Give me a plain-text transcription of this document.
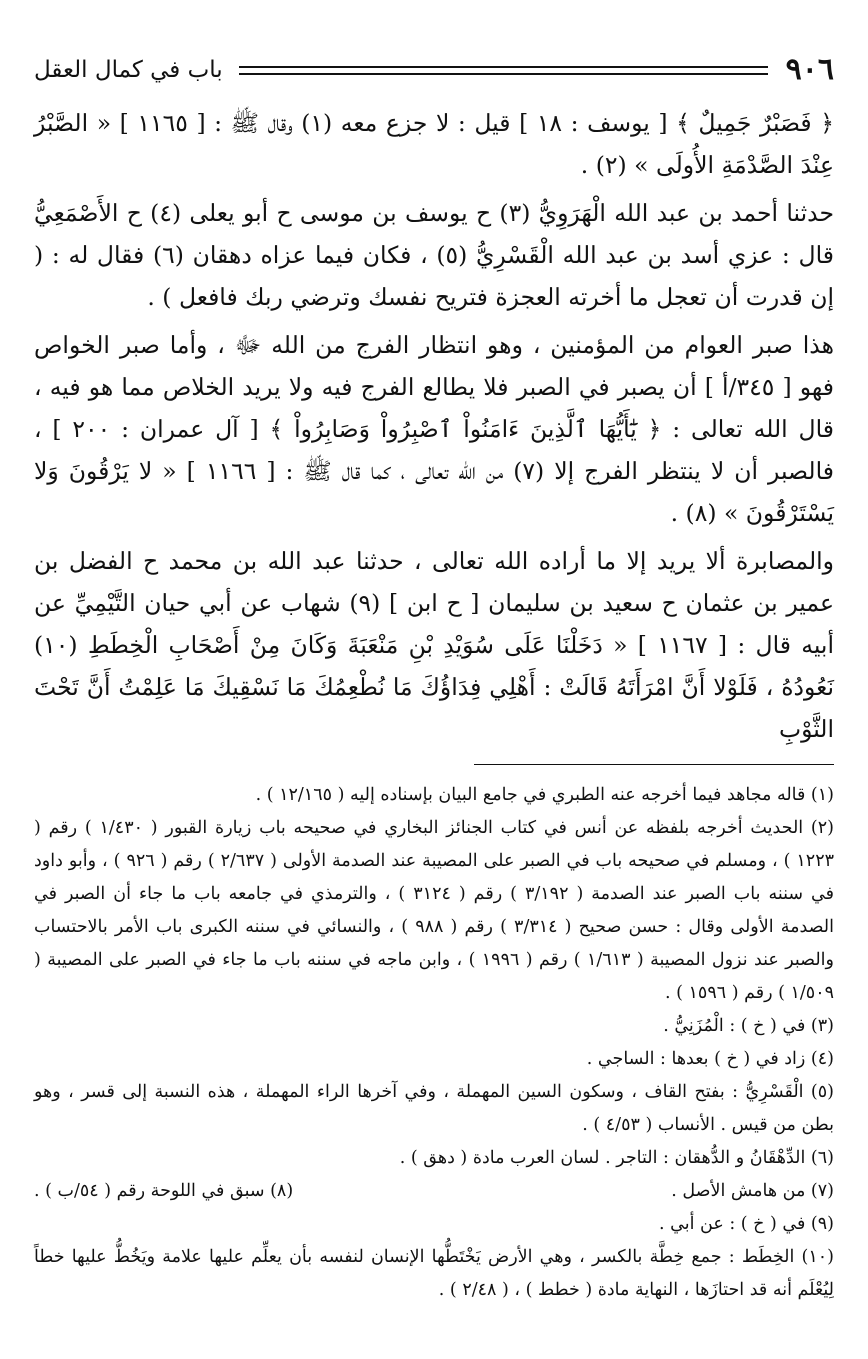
٩٠٦
باب في كمال العقل

﴿ فَصَبْرٌ جَمِيلٌ ﴾ [ يوسف : ١٨ ] قيل : لا جزع معه (١) وقال ﷺ : [ ١١٦٥ ] « الصَّبْرُ عِنْدَ الصَّدْمَةِ الأُولَى » (٢) .

حدثنا أحمد بن عبد الله الْهَرَوِيُّ (٣) ح يوسف بن موسى ح أبو يعلى (٤) ح الأَصْمَعِيُّ قال : عزي أسد بن عبد الله الْقَسْرِيُّ (٥) ، فكان فيما عزاه دهقان (٦) فقال له : ( إن قدرت أن تعجل ما أخرته العجزة فتريح نفسك وترضي ربك فافعل ) .

هذا صبر العوام من المؤمنين ، وهو انتظار الفرج من الله ﷻ ، وأما صبر الخواص فهو [ ٣٤٥/أ ] أن يصبر في الصبر فلا يطالع الفرج فيه ولا يريد الخلاص مما هو فيه ، قال الله تعالى : ﴿ يَٰٓأَيُّهَا ٱلَّذِينَ ءَامَنُواْ ٱصْبِرُواْ وَصَابِرُواْ ﴾ [ آل عمران : ٢٠٠ ] ، فالصبر أن لا ينتظر الفرج إلا (٧) من الله تعالى ، كما قال ﷺ : [ ١١٦٦ ] « لا يَرْقُونَ وَلا يَسْتَرْقُونَ » (٨) .

والمصابرة ألا يريد إلا ما أراده الله تعالى ، حدثنا عبد الله بن محمد ح الفضل بن عمير بن عثمان ح سعيد بن سليمان [ ح ابن ] (٩) شهاب عن أبي حيان التَّيْمِيِّ عن أبيه قال : [ ١١٦٧ ] « دَخَلْنَا عَلَى سُوَيْدِ بْنِ مَنْعَبَةَ وَكَانَ مِنْ أَصْحَابِ الْخِطَطِ (١٠) نَعُودُهُ ، فَلَوْلا أَنَّ امْرَأَتَهُ قَالَتْ : أَهْلِي فِدَاؤُكَ مَا نُطْعِمُكَ مَا نَسْقِيكَ مَا عَلِمْتُ أَنَّ تَحْتَ الثَّوْبِ

(١) قاله مجاهد فيما أخرجه عنه الطبري في جامع البيان بإسناده إليه ( ١٢/١٦٥ ) .

(٢) الحديث أخرجه بلفظه عن أنس في كتاب الجنائز البخاري في صحيحه باب زيارة القبور ( ١/٤٣٠ ) رقم ( ١٢٢٣ ) ، ومسلم في صحيحه باب في الصبر على المصيبة عند الصدمة الأولى ( ٢/٦٣٧ ) رقم ( ٩٢٦ ) ، وأبو داود في سننه باب الصبر عند الصدمة ( ٣/١٩٢ ) رقم ( ٣١٢٤ ) ، والترمذي في جامعه باب ما جاء أن الصبر في الصدمة الأولى وقال : حسن صحيح ( ٣/٣١٤ ) رقم ( ٩٨٨ ) ، والنسائي في سننه الكبرى باب الأمر بالاحتساب والصبر عند نزول المصيبة ( ١/٦١٣ ) رقم ( ١٩٩٦ ) ، وابن ماجه في سننه باب ما جاء في الصبر على المصيبة ( ١/٥٠٩ ) رقم ( ١٥٩٦ ) .

(٣) في ( خ ) : الْمُزَنِيُّ .

(٤) زاد في ( خ ) بعدها : الساجي .

(٥) الْقَسْرِيُّ : بفتح القاف ، وسكون السين المهملة ، وفي آخرها الراء المهملة ، هذه النسبة إلى قسر ، وهو بطن من قيس . الأنساب ( ٤/٥٣ ) .

(٦) الدِّهْقَانُ و الدُّهقان : التاجر . لسان العرب مادة ( دهق ) .

(٧) من هامش الأصل .
(٨) سبق في اللوحة رقم ( ٥٤/ب ) .

(٩) في ( خ ) : عن أبي .

(١٠) الخِطَط : جمع خِطَّة بالكسر ، وهي الأرض يَخْتَطُّها الإنسان لنفسه بأن يعلِّم عليها علامة ويَخُطُّ عليها خطاً لِيُعْلَم أنه قد احتازَها ، النهاية مادة ( خطط ) ، ( ٢/٤٨ ) .
